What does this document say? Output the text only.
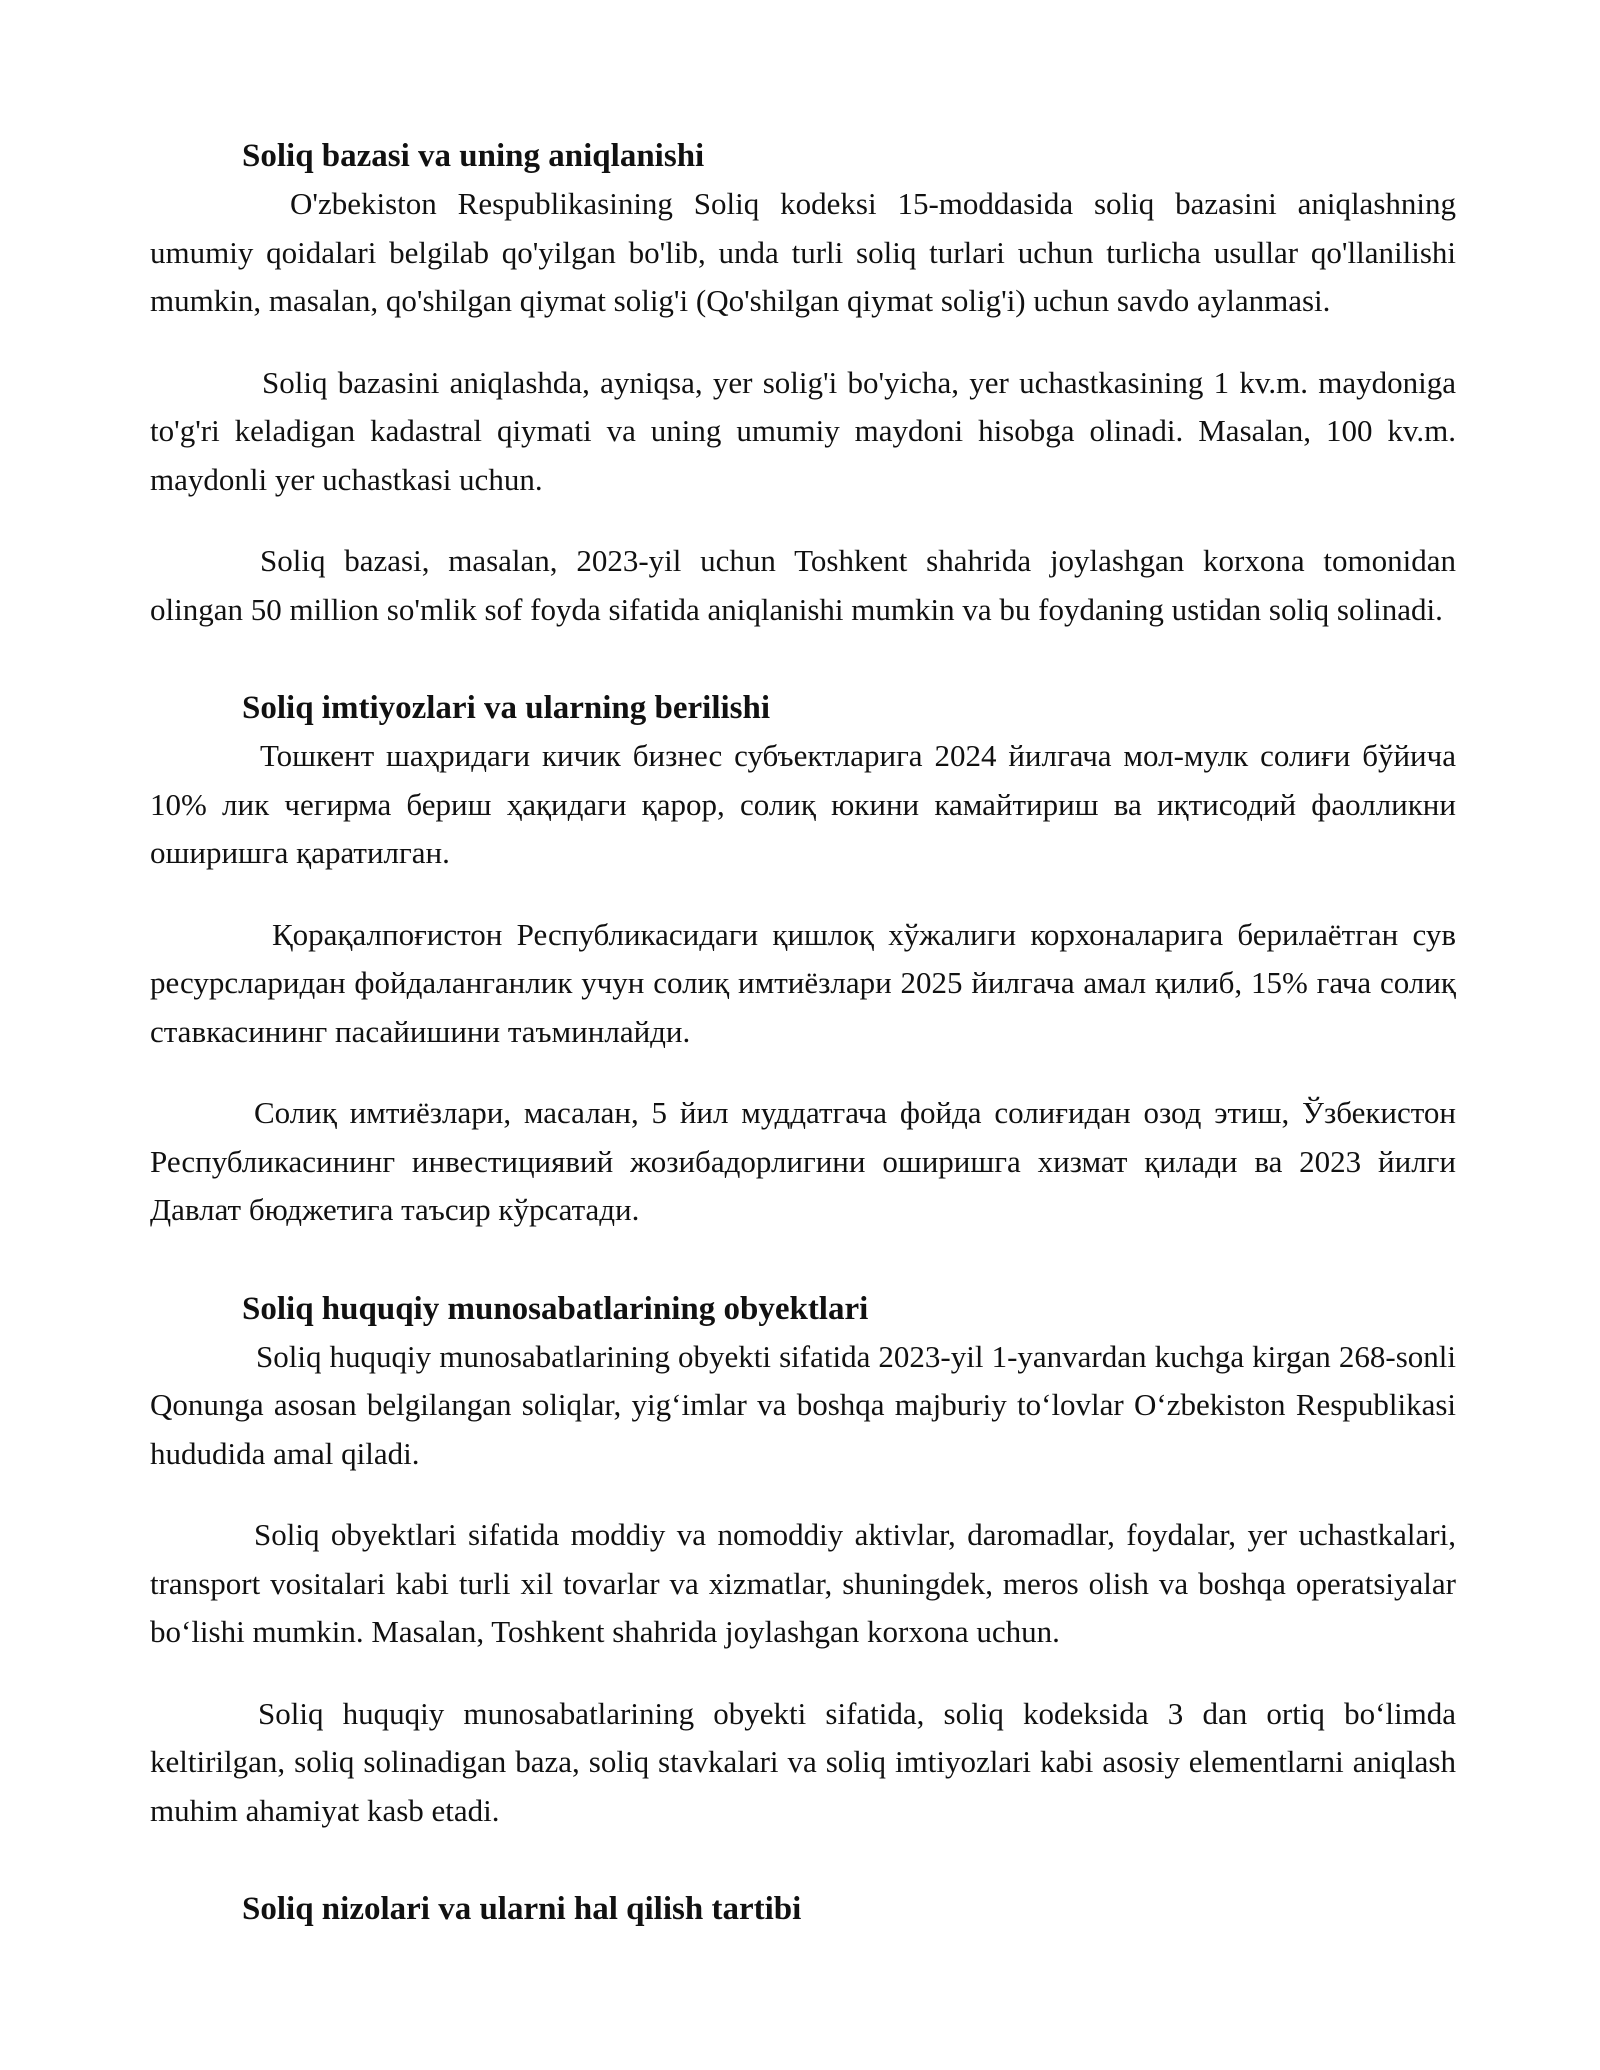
Soliq bazasi va uning aniqlanishi

O'zbekiston Respublikasining Soliq kodeksi 15-moddasida soliq bazasini aniqlashning umumiy qoidalari belgilab qo'yilgan bo'lib, unda turli soliq turlari uchun turlicha usullar qo'llanilishi mumkin, masalan, qo'shilgan qiymat solig'i (Qo'shilgan qiymat solig'i) uchun savdo aylanmasi.

Soliq bazasini aniqlashda, ayniqsa, yer solig'i bo'yicha, yer uchastkasining 1 kv.m. maydoniga to'g'ri keladigan kadastral qiymati va uning umumiy maydoni hisobga olinadi. Masalan, 100 kv.m. maydonli yer uchastkasi uchun.

Soliq bazasi, masalan, 2023-yil uchun Toshkent shahrida joylashgan korxona tomonidan olingan 50 million so'mlik sof foyda sifatida aniqlanishi mumkin va bu foydaning ustidan soliq solinadi.

Soliq imtiyozlari va ularning berilishi

Тошкент шаҳридаги кичик бизнес субъектларига 2024 йилгача мол-мулк солиғи бўйича 10% лик чегирма бериш ҳақидаги қарор, солиқ юкини камайтириш ва иқтисодий фаолликни оширишга қаратилган.

Қорақалпоғистон Республикасидаги қишлоқ хўжалиги корхоналарига берилаётган сув ресурсларидан фойдаланганлик учун солиқ имтиёзлари 2025 йилгача амал қилиб, 15% гача солиқ ставкасининг пасайишини таъминлайди.

Солиқ имтиёзлари, масалан, 5 йил муддатгача фойда солиғидан озод этиш, Ўзбекистон Республикасининг инвестициявий жозибадорлигини оширишга хизмат қилади ва 2023 йилги Давлат бюджетига таъсир кўрсатади.

Soliq huquqiy munosabatlarining obyektlari

Soliq huquqiy munosabatlarining obyekti sifatida 2023-yil 1-yanvardan kuchga kirgan 268-sonli Qonunga asosan belgilangan soliqlar, yig‘imlar va boshqa majburiy to‘lovlar O‘zbekiston Respublikasi hududida amal qiladi.

Soliq obyektlari sifatida moddiy va nomoddiy aktivlar, daromadlar, foydalar, yer uchastkalari, transport vositalari kabi turli xil tovarlar va xizmatlar, shuningdek, meros olish va boshqa operatsiyalar bo‘lishi mumkin. Masalan, Toshkent shahrida joylashgan korxona uchun.

Soliq huquqiy munosabatlarining obyekti sifatida, soliq kodeksida 3 dan ortiq bo‘limda keltirilgan, soliq solinadigan baza, soliq stavkalari va soliq imtiyozlari kabi asosiy elementlarni aniqlash muhim ahamiyat kasb etadi.

Soliq nizolari va ularni hal qilish tartibi
